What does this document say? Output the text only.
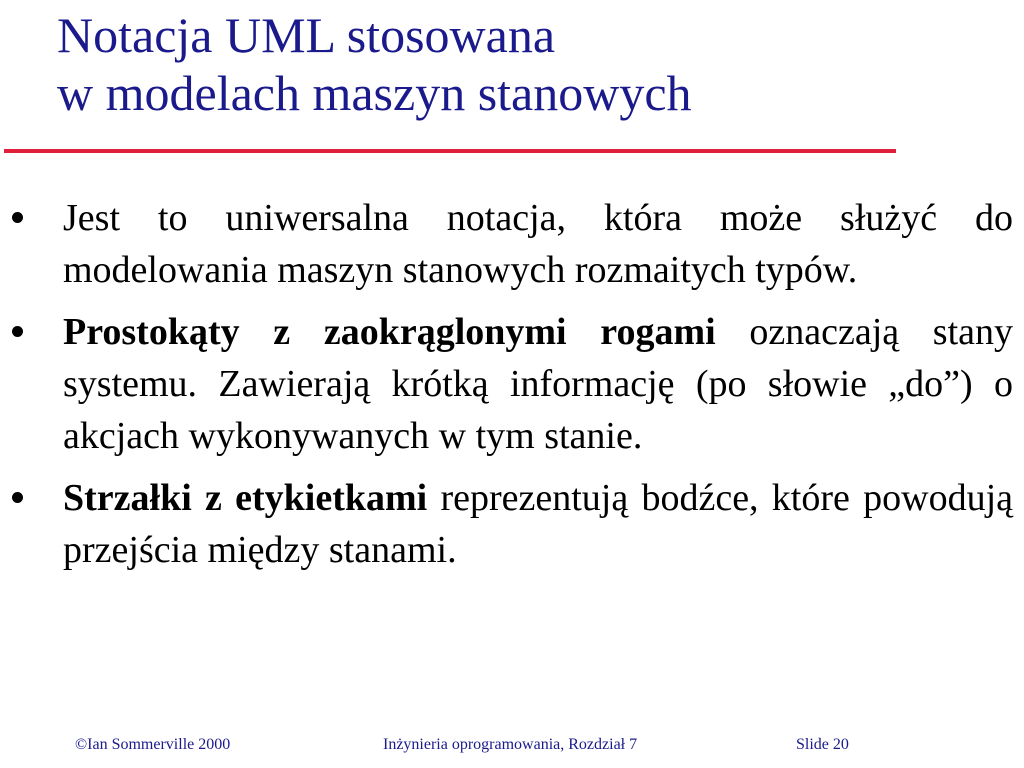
Notacja UML stosowana
w modelach maszyn stanowych
Jest to uniwersalna notacja, która może służyć do modelowania maszyn stanowych rozmaitych typów.
Prostokąty z zaokrąglonymi rogami oznaczają stany systemu. Zawierają krótką informację (po słowie „do”) o akcjach wykonywanych w tym stanie.
Strzałki z etykietkami reprezentują bodźce, które powodują przejścia między stanami.
©Ian Sommerville 2000	Inżynieria oprogramowania, Rozdział 7	Slide 20
